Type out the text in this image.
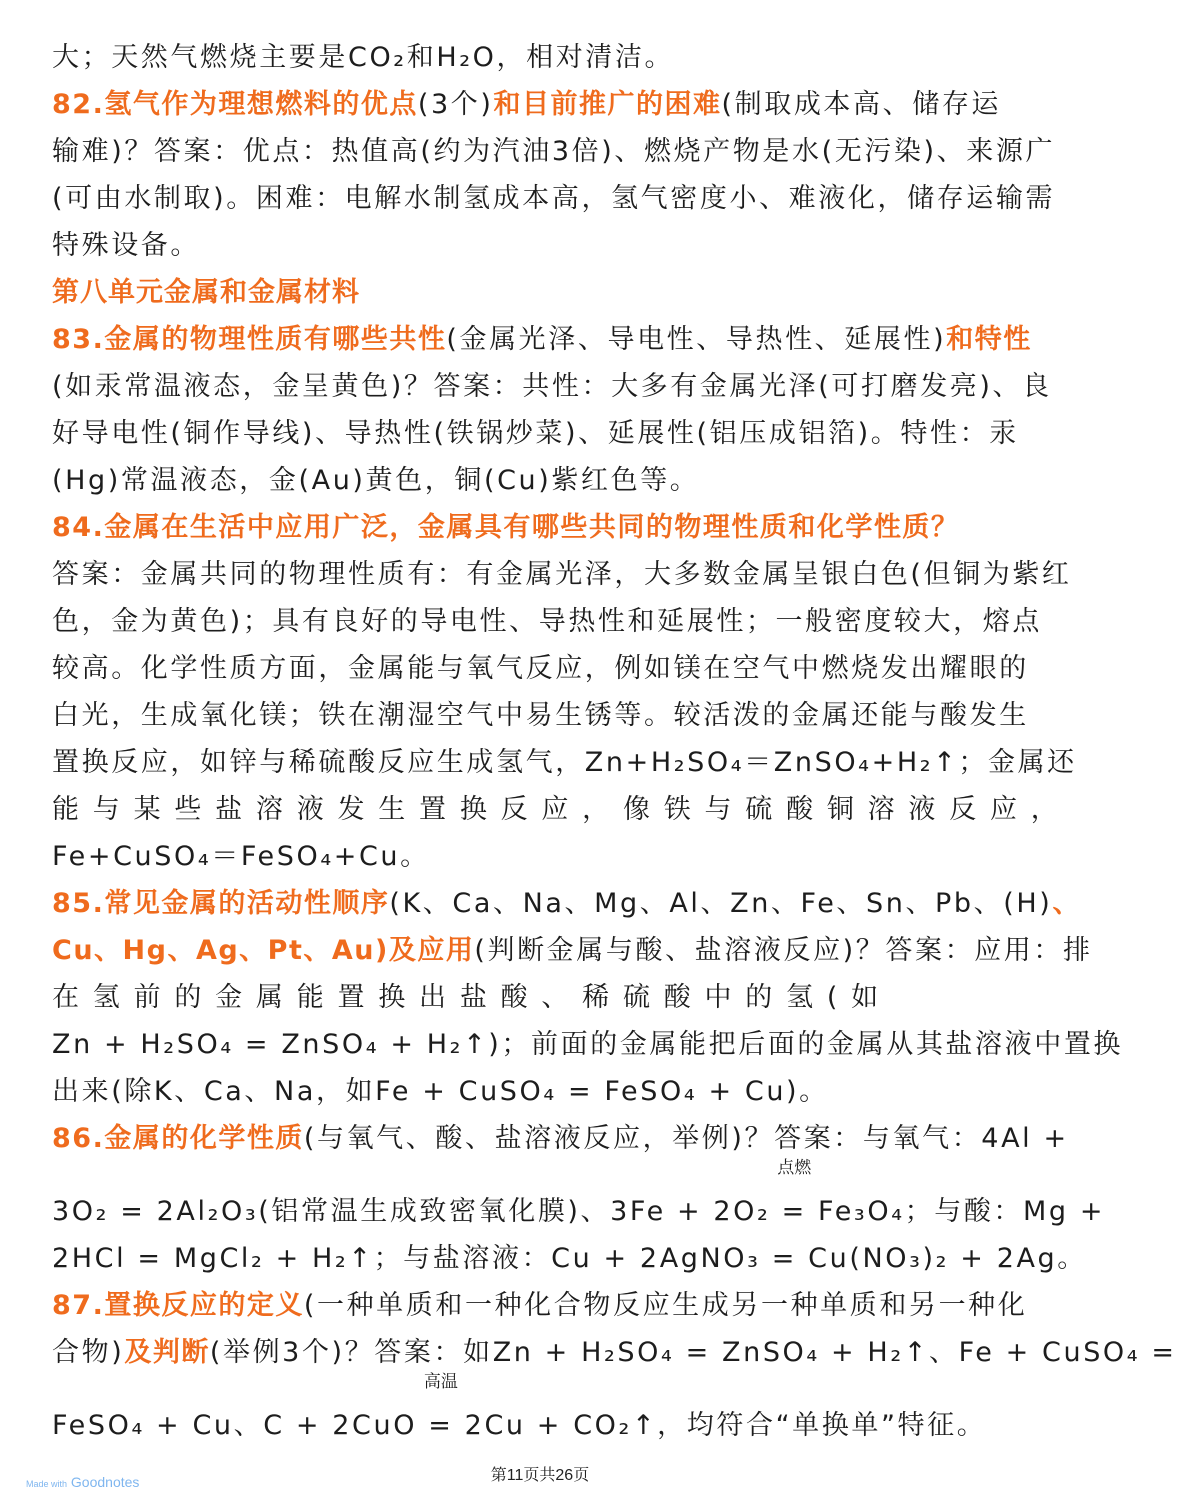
大；天然气燃烧主要是CO₂和H₂O，相对清洁。
82.氢气作为理想燃料的优点(3个)和目前推广的困难(制取成本高、储存运
输难)？答案：优点：热值高(约为汽油3倍)、燃烧产物是水(无污染)、来源广
(可由水制取)。困难：电解水制氢成本高，氢气密度小、难液化，储存运输需
特殊设备。
第八单元金属和金属材料
83.金属的物理性质有哪些共性(金属光泽、导电性、导热性、延展性)和特性
(如汞常温液态，金呈黄色)？答案：共性：大多有金属光泽(可打磨发亮)、良
好导电性(铜作导线)、导热性(铁锅炒菜)、延展性(铝压成铝箔)。特性：汞
(Hg)常温液态，金(Au)黄色，铜(Cu)紫红色等。
84.金属在生活中应用广泛，金属具有哪些共同的物理性质和化学性质？
答案：金属共同的物理性质有：有金属光泽，大多数金属呈银白色(但铜为紫红
色，金为黄色)；具有良好的导电性、导热性和延展性；一般密度较大，熔点
较高。化学性质方面，金属能与氧气反应，例如镁在空气中燃烧发出耀眼的
白光，生成氧化镁；铁在潮湿空气中易生锈等。较活泼的金属还能与酸发生
置换反应，如锌与稀硫酸反应生成氢气，Zn+H₂SO₄＝ZnSO₄+H₂↑；金属还
能 与 某 些 盐 溶 液 发 生 置 换 反 应 ， 像 铁 与 硫 酸 铜 溶 液 反 应 ，
Fe+CuSO₄＝FeSO₄+Cu。
85.常见金属的活动性顺序(K、Ca、Na、Mg、Al、Zn、Fe、Sn、Pb、(H)、
Cu、Hg、Ag、Pt、Au)及应用(判断金属与酸、盐溶液反应)？答案：应用：排
在 氢 前 的 金 属 能 置 换 出 盐 酸 、 稀 硫 酸 中 的 氢 ( 如
Zn + H₂SO₄ = ZnSO₄ + H₂↑)；前面的金属能把后面的金属从其盐溶液中置换
出来(除K、Ca、Na，如Fe + CuSO₄ = FeSO₄ + Cu)。
86.金属的化学性质(与氧气、酸、盐溶液反应，举例)？答案：与氧气：4Al +
3O₂ = 2Al₂O₃(铝常温生成致密氧化膜)、3Fe + 2O₂
点燃
= Fe₃O₄；与酸：Mg +
2HCl = MgCl₂ + H₂↑；与盐溶液：Cu + 2AgNO₃ = Cu(NO₃)₂ + 2Ag。
87.置换反应的定义(一种单质和一种化合物反应生成另一种单质和另一种化
合物)及判断(举例3个)？答案：如Zn + H₂SO₄ = ZnSO₄ + H₂↑、Fe + CuSO₄ =
FeSO₄ + Cu、C + 2CuO
高温
= 2Cu + CO₂↑，均符合“单换单”特征。
Made with Goodnotes	第11页共26页
